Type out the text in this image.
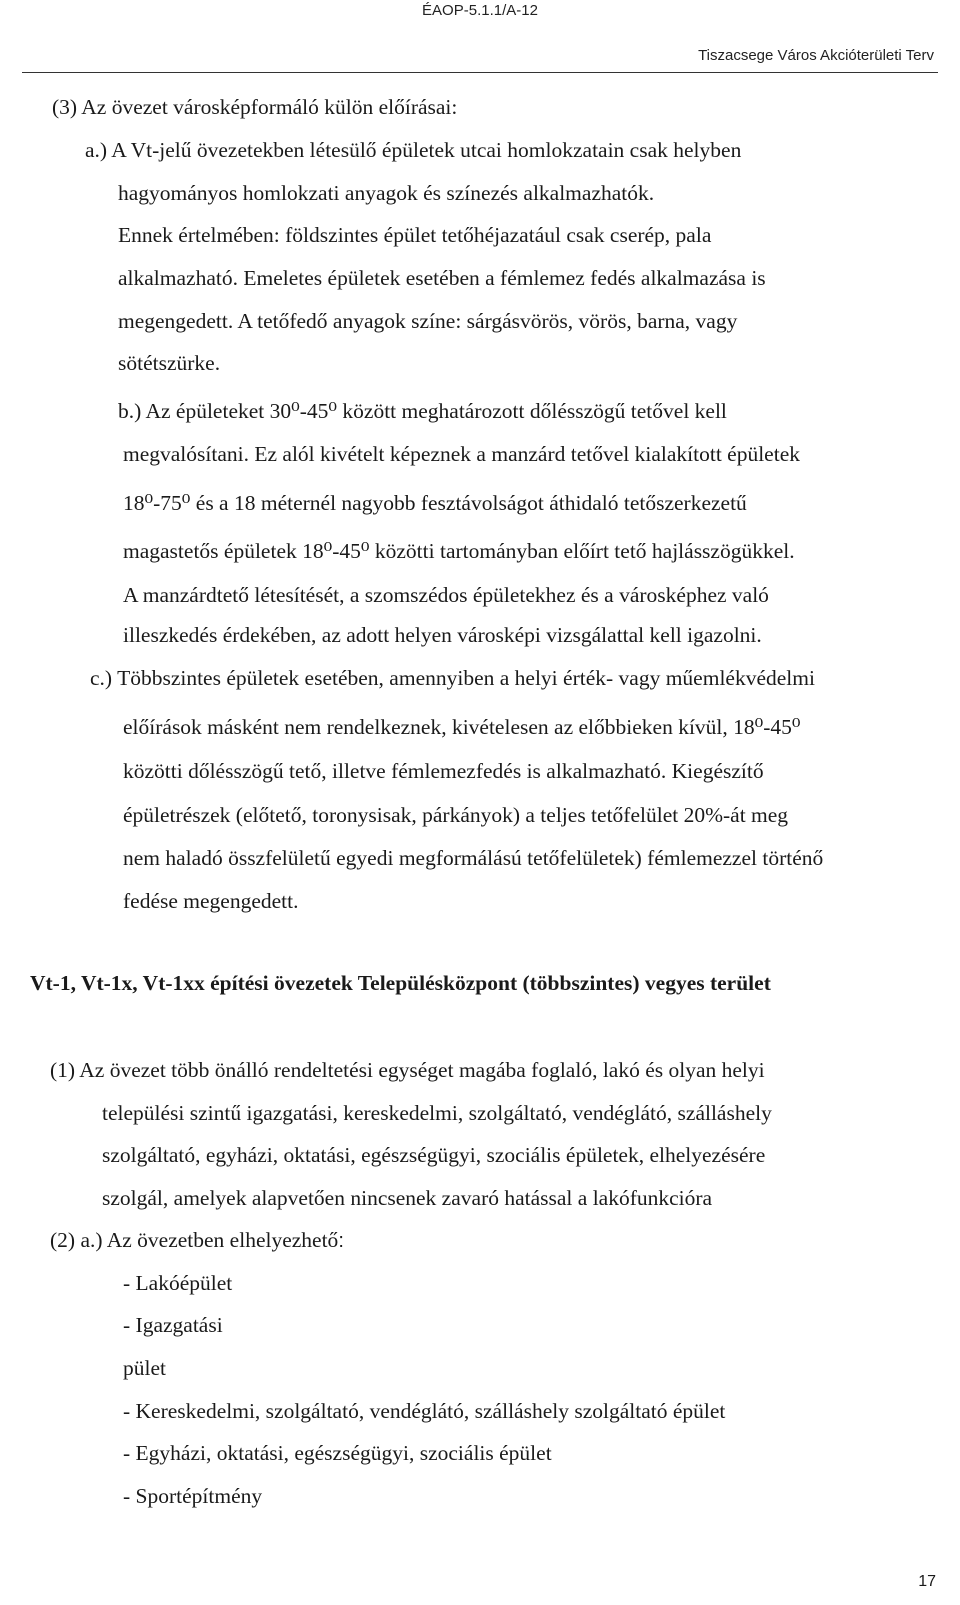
ÉAOP-5.1.1/A-12
Tiszacsege Város Akcióterületi Terv
(3) Az övezet városképformáló külön előírásai:
a.) A Vt-jelű övezetekben létesülő épületek utcai homlokzatain csak helyben
hagyományos homlokzati anyagok és színezés alkalmazhatók.
Ennek értelmében: földszintes épület tetőhéjazatául csak cserép, pala
alkalmazható. Emeletes épületek esetében a fémlemez fedés alkalmazása is
megengedett. A tetőfedő anyagok színe: sárgásvörös, vörös, barna, vagy
sötétszürke.
b.) Az épületeket 30⁰-45⁰ között meghatározott dőlésszögű tetővel kell
megvalósítani. Ez alól kivételt képeznek a manzárd tetővel kialakított épületek
18⁰-75⁰ és a 18 méternél nagyobb fesztávolságot áthidaló tetőszerkezetű
magastetős épületek 18⁰-45⁰ közötti tartományban előírt tető hajlásszögükkel.
A manzárdtető létesítését, a szomszédos épületekhez és a városképhez való
illeszkedés érdekében, az adott helyen városképi vizsgálattal kell igazolni.
c.) Többszintes épületek esetében, amennyiben a helyi érték- vagy műemlékvédelmi
előírások másként nem rendelkeznek, kivételesen az előbbieken kívül, 18⁰-45⁰
közötti dőlésszögű tető, illetve fémlemezfedés is alkalmazható. Kiegészítő
épületrészek (előtető, toronysisak, párkányok) a teljes tetőfelület 20%-át meg
nem haladó összfelületű egyedi megformálású tetőfelületek) fémlemezzel történő
fedése megengedett.
Vt-1, Vt-1x, Vt-1xx építési övezetek Településközpont (többszintes) vegyes terület
(1) Az övezet több önálló rendeltetési egységet magába foglaló, lakó és olyan helyi
települési szintű igazgatási, kereskedelmi, szolgáltató, vendéglátó, szálláshely
szolgáltató, egyházi, oktatási, egészségügyi, szociális épületek, elhelyezésére
szolgál, amelyek alapvetően nincsenek zavaró hatással a lakófunkcióra
(2) a.) Az övezetben elhelyezhető:
- Lakóépület
- Igazgatási
pület
- Kereskedelmi, szolgáltató, vendéglátó, szálláshely szolgáltató épület
- Egyházi, oktatási, egészségügyi, szociális épület
- Sportépítmény
17
